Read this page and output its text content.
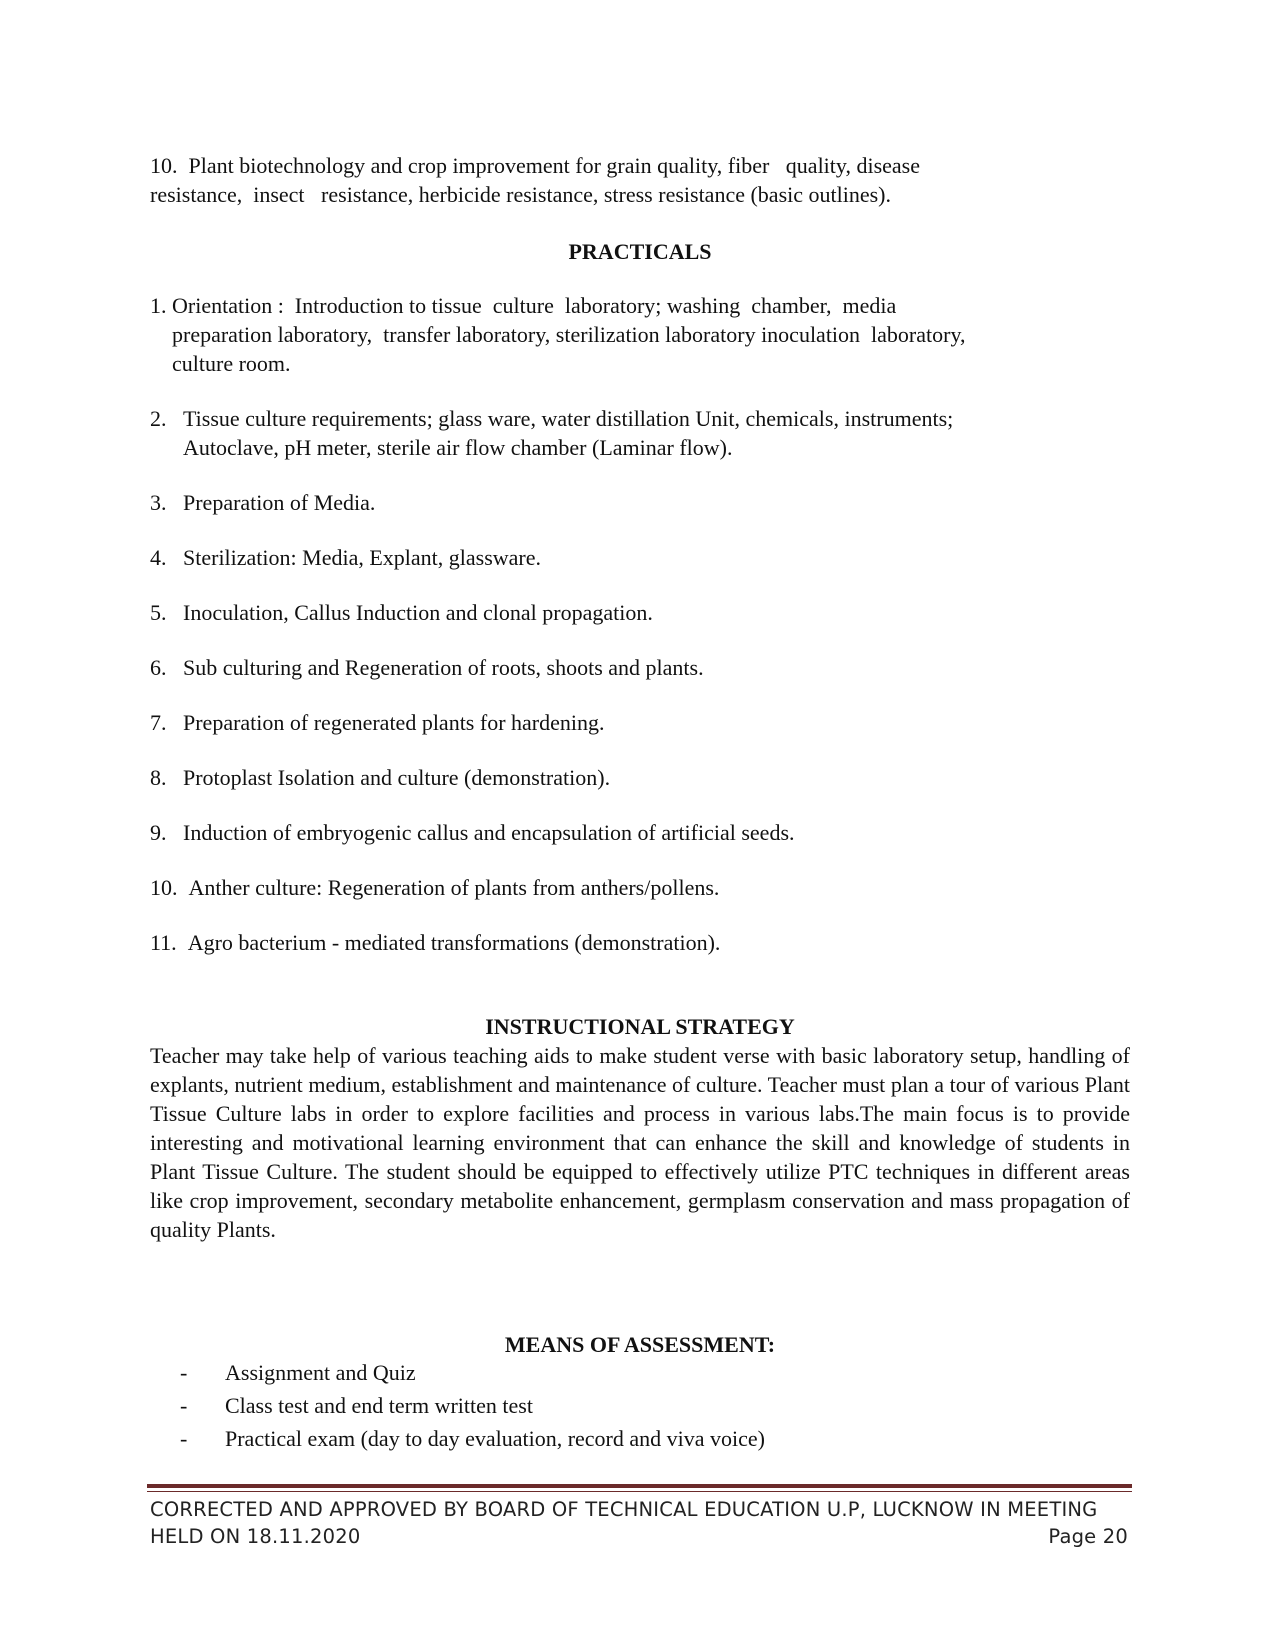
10.  Plant biotechnology and crop improvement for grain quality, fiber   quality, disease
resistance,  insect   resistance, herbicide resistance, stress resistance (basic outlines).
PRACTICALS
1. Orientation :  Introduction to tissue  culture  laboratory; washing  chamber,  media
preparation laboratory,  transfer laboratory, sterilization laboratory inoculation  laboratory,
culture room.
2. Tissue culture requirements; glass ware, water distillation Unit, chemicals, instruments;
Autoclave, pH meter, sterile air flow chamber (Laminar flow).
3. Preparation of Media.
4. Sterilization: Media, Explant, glassware.
5. Inoculation, Callus Induction and clonal propagation.
6. Sub culturing and Regeneration of roots, shoots and plants.
7. Preparation of regenerated plants for hardening.
8. Protoplast Isolation and culture (demonstration).
9. Induction of embryogenic callus and encapsulation of artificial seeds.
10. Anther culture: Regeneration of plants from anthers/pollens.
11. Agro bacterium - mediated transformations (demonstration).
INSTRUCTIONAL STRATEGY
Teacher may take help of various teaching aids to make student verse with basic laboratory setup, handling of explants, nutrient medium, establishment and maintenance of culture. Teacher must plan a tour of various Plant Tissue Culture labs in order to explore facilities and process in various labs.The main focus is to provide interesting and motivational learning environment that can enhance the skill and knowledge of students in Plant Tissue Culture. The student should be equipped to effectively utilize PTC techniques in different areas like crop improvement, secondary metabolite enhancement, germplasm conservation and mass propagation of quality Plants.
MEANS OF ASSESSMENT:
-	Assignment and Quiz
-	Class test and end term written test
-	Practical exam (day to day evaluation, record and viva voice)
CORRECTED AND APPROVED BY BOARD OF TECHNICAL EDUCATION U.P, LUCKNOW IN MEETING
HELD ON 18.11.2020	Page 20
